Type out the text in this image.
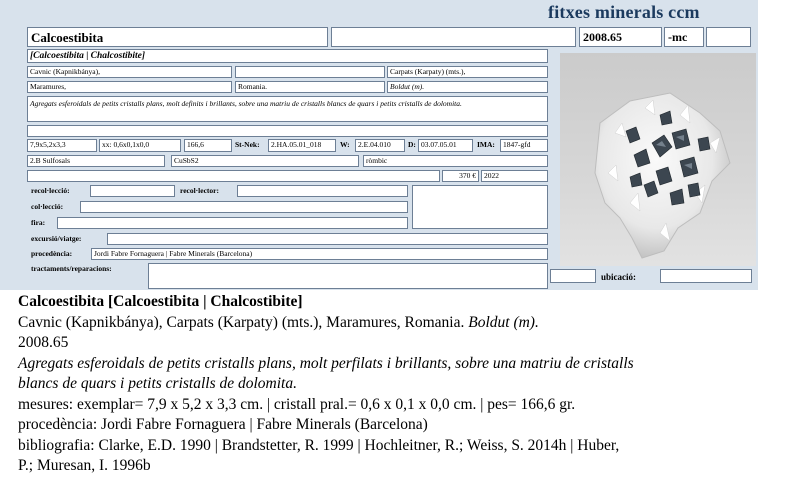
fitxes minerals ccm
Calcoestibita	2008.65	-mc
[Calcoestibita | Chalcostibite]
Cavnic (Kapnikbánya),	Carpats (Karpaty) (mts.),
Maramures,	Romania.	Boldut (m).
Agregats esferoidals de petits cristalls plans, molt definits i brillants, sobre una matriu de cristalls blancs de quars i petits cristalls de dolomita.
7,9x5,2x3,3	xx: 0,6x0,1x0,0	166,6	St-Nek:	2.HA.05.01_018	W:	2.E.04.010	D: 03.07.05.01	IMA:	1847-gfd
2.B Sulfosals	CuSbS2	ròmbic
370 €	2022
recol·lecció:	recol·lector:
col·lecció:
fira:
excursió/viatge:
procedència:	Jordi Fabre Fornaguera | Fabre Minerals (Barcelona)
tractaments/reparacions:
ubicació:
Calcoestibita [Calcoestibita | Chalcostibite]
Cavnic (Kapnikbánya), Carpats (Karpaty) (mts.), Maramures, Romania. Boldut (m).
2008.65
Agregats esferoidals de petits cristalls plans, molt perfilats i brillants, sobre una matriu de cristalls
blancs de quars i petits cristalls de dolomita.
mesures: exemplar= 7,9 x 5,2 x 3,3 cm. | cristall pral.= 0,6 x 0,1 x 0,0 cm. | pes= 166,6 gr.
procedència: Jordi Fabre Fornaguera | Fabre Minerals (Barcelona)
bibliografia: Clarke, E.D. 1990 | Brandstetter, R. 1999 | Hochleitner, R.; Weiss, S. 2014h | Huber,
P.; Muresan, I. 1996b
